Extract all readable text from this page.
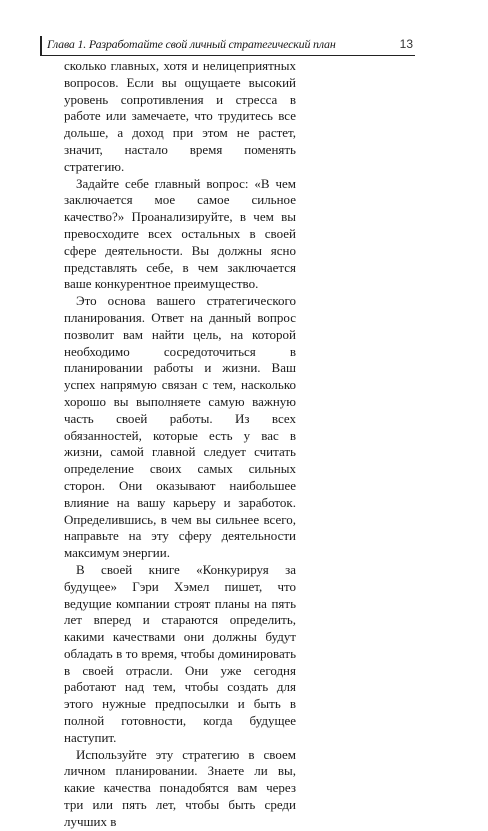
Глава 1. Разработайте свой личный стратегический план	13

сколько главных, хотя и нелицеприятных вопросов. Если вы ощущаете высокий уровень сопротивления и стресса в работе или замечаете, что трудитесь все дольше, а доход при этом не растет, значит, настало время поменять стратегию.

Задайте себе главный вопрос: «В чем заключается мое самое сильное качество?» Проанализируйте, в чем вы превосходите всех остальных в своей сфере деятельности. Вы должны ясно представлять себе, в чем заключается ваше конкурентное преимущество.

Это основа вашего стратегического планирования. Ответ на данный вопрос позволит вам найти цель, на которой необходимо сосредоточиться в планировании работы и жизни. Ваш успех напрямую связан с тем, насколько хорошо вы выполняете самую важную часть своей работы. Из всех обязанностей, которые есть у вас в жизни, самой главной следует считать определение своих самых сильных сторон. Они оказывают наибольшее влияние на вашу карьеру и заработок. Определившись, в чем вы сильнее всего, направьте на эту сферу деятельности максимум энергии.

В своей книге «Конкурируя за будущее» Гэри Хэмел пишет, что ведущие компании строят планы на пять лет вперед и стараются определить, какими качествами они должны будут обладать в то время, чтобы доминировать в своей отрасли. Они уже сегодня работают над тем, чтобы создать для этого нужные предпосылки и быть в полной готовности, когда будущее наступит.

Используйте эту стратегию в своем личном планировании. Знаете ли вы, какие качества понадобятся вам через три или пять лет, чтобы быть среди лучших в
